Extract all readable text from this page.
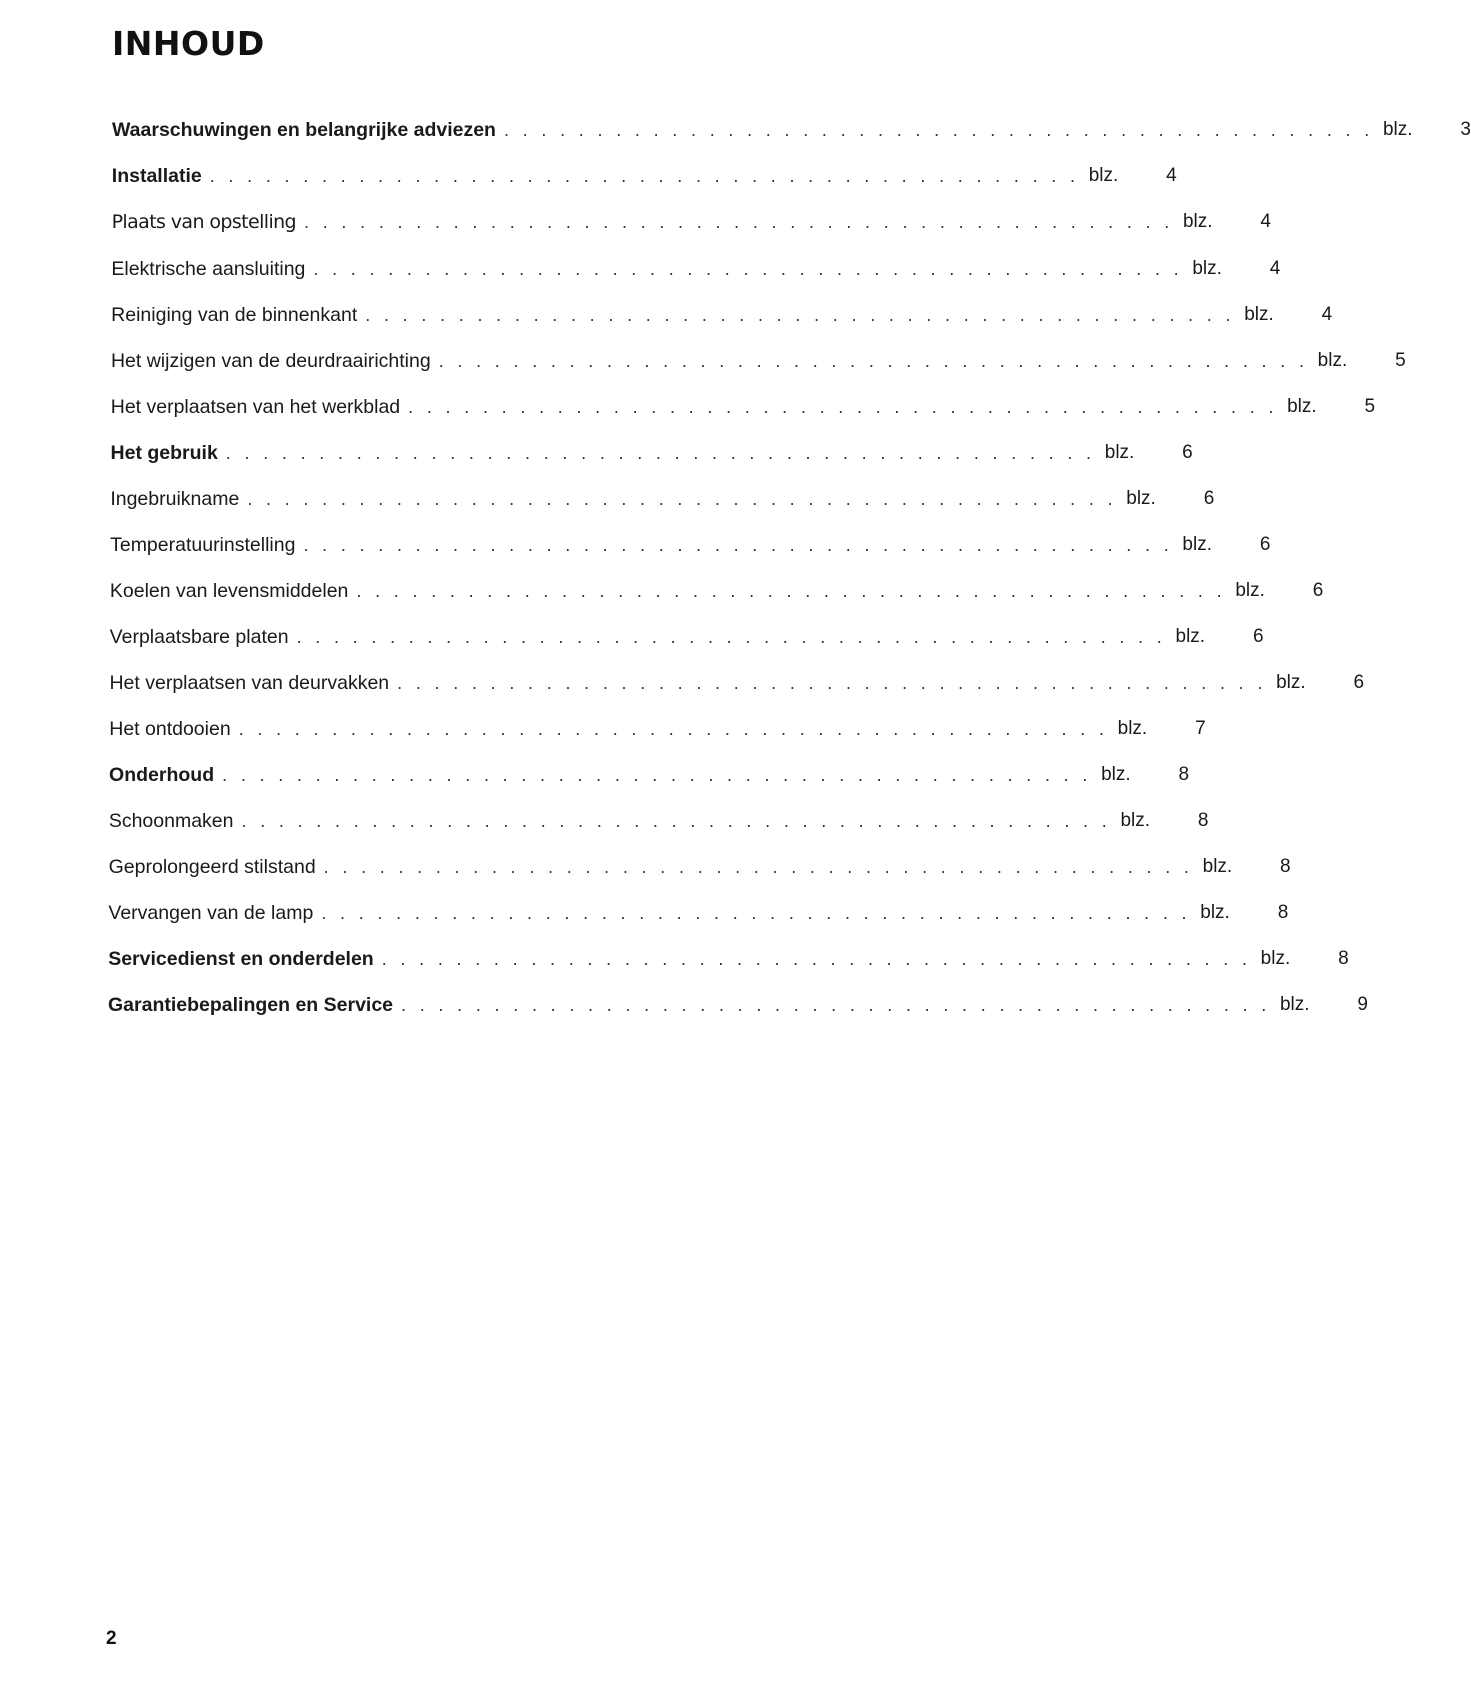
INHOUD
Waarschuwingen en belangrijke adviezen ............................................... blz.	3
Installatie ............................................... blz.	4
Plaats van opstelling ............................................... blz.	4
Elektrische aansluiting ............................................... blz.	4
Reiniging van de binnenkant ............................................... blz.	4
Het wijzigen van de deurdraairichting ............................................... blz.	5
Het verplaatsen van het werkblad ............................................... blz.	5
Het gebruik ............................................... blz.	6
Ingebruikname ............................................... blz.	6
Temperatuurinstelling ............................................... blz.	6
Koelen van levensmiddelen ............................................... blz.	6
Verplaatsbare platen ............................................... blz.	6
Het verplaatsen van deurvakken ............................................... blz.	6
Het ontdooien ............................................... blz.	7
Onderhoud ............................................... blz.	8
Schoonmaken ............................................... blz.	8
Geprolongeerd stilstand ............................................... blz.	8
Vervangen van de lamp ............................................... blz.	8
Servicedienst en onderdelen ............................................... blz.	8
Garantiebepalingen en Service ............................................... blz.	9
2
